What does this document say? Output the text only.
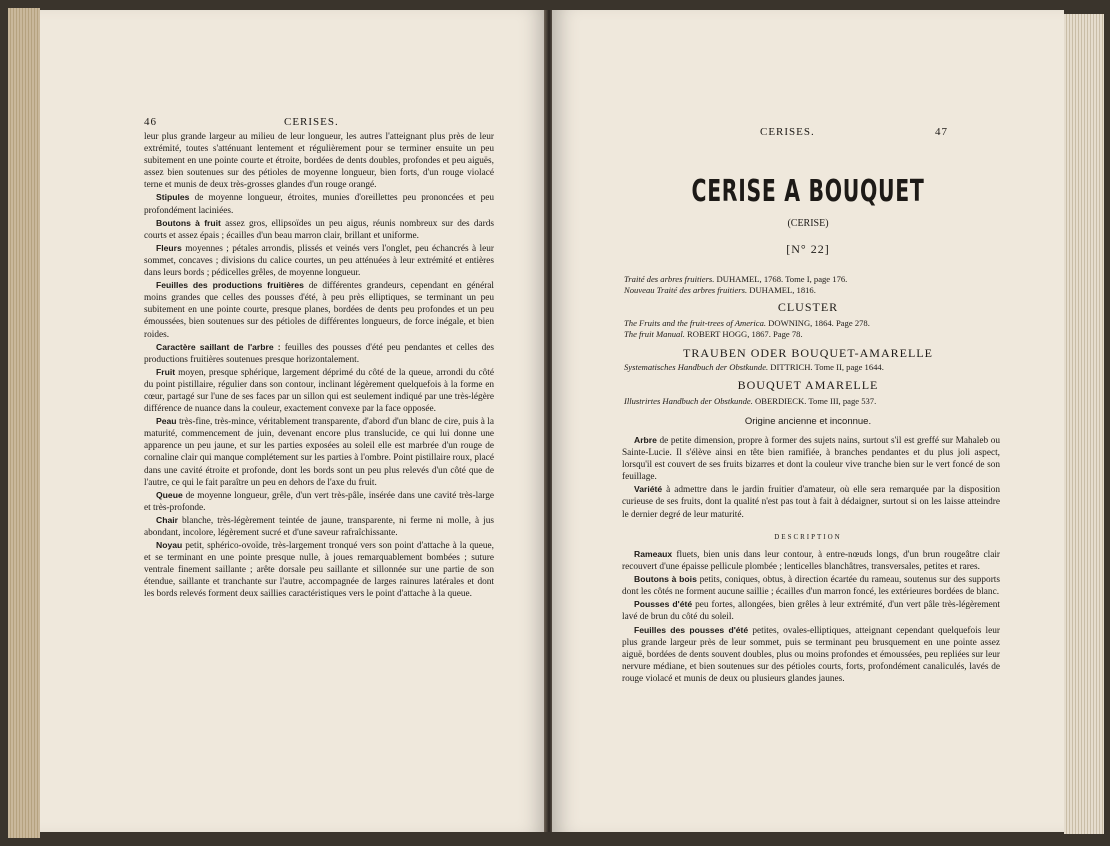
46	CERISES.

leur plus grande largeur au milieu de leur longueur, les autres l'atteignant plus près de leur extrémité, toutes s'atténuant lentement et régulièrement pour se terminer ensuite un peu subitement en une pointe courte et étroite, bordées de dents doubles, profondes et peu aiguës, assez bien soutenues sur des pétioles de moyenne longueur, bien forts, d'un rouge violacé terne et munis de deux très-grosses glandes d'un rouge orangé.

Stipules de moyenne longueur, étroites, munies d'oreillettes peu prononcées et peu profondément laciniées.

Boutons à fruit assez gros, ellipsoïdes un peu aigus, réunis nombreux sur des dards courts et assez épais ; écailles d'un beau marron clair, brillant et uniforme.

Fleurs moyennes ; pétales arrondis, plissés et veinés vers l'onglet, peu échancrés à leur sommet, concaves ; divisions du calice courtes, un peu atténuées à leur extrémité et entières dans leurs bords ; pédicelles grêles, de moyenne longueur.

Feuilles des productions fruitières de différentes grandeurs, cependant en général moins grandes que celles des pousses d'été, à peu près elliptiques, se terminant un peu subitement en une pointe courte, presque planes, bordées de dents peu profondes et un peu émoussées, bien soutenues sur des pétioles de différentes longueurs, de force inégale, et bien roides.

Caractère saillant de l'arbre : feuilles des pousses d'été peu pendantes et celles des productions fruitières soutenues presque horizontalement.

Fruit moyen, presque sphérique, largement déprimé du côté de la queue, arrondi du côté du point pistillaire, régulier dans son contour, inclinant légèrement quelquefois à la forme en cœur, partagé sur l'une de ses faces par un sillon qui est seulement indiqué par une très-légère différence de nuance dans la couleur, exactement convexe par la face opposée.

Peau très-fine, très-mince, véritablement transparente, d'abord d'un blanc de cire, puis à la maturité, commencement de juin, devenant encore plus translucide, ce qui lui donne une apparence un peu jaune, et sur les parties exposées au soleil elle est marbrée d'un rouge de cornaline clair qui manque complétement sur les parties à l'ombre. Point pistillaire roux, placé dans une cavité étroite et profonde, dont les bords sont un peu plus relevés d'un côté que de l'autre, ce qui le fait paraître un peu en dehors de l'axe du fruit.

Queue de moyenne longueur, grêle, d'un vert très-pâle, insérée dans une cavité très-large et très-profonde.

Chair blanche, très-légèrement teintée de jaune, transparente, ni ferme ni molle, à jus abondant, incolore, légèrement sucré et d'une saveur rafraîchissante.

Noyau petit, sphérico-ovoïde, très-largement tronqué vers son point d'attache à la queue, et se terminant en une pointe presque nulle, à joues remarquablement bombées ; suture ventrale finement saillante ; arête dorsale peu saillante et sillonnée sur une partie de son étendue, saillante et tranchante sur l'autre, accompagnée de larges rainures latérales et dont les bords relevés forment deux saillies caractéristiques vers le point d'attache à la queue.

CERISES.	47
CERISE A BOUQUET
(CERISE)
[N° 22]
Traité des arbres fruitiers. DUHAMEL, 1768. Tome I, page 176.
Nouveau Traité des arbres fruitiers. DUHAMEL, 1816.
CLUSTER
The Fruits and the fruit-trees of America. DOWNING, 1864. Page 278.
The fruit Manual. ROBERT HOGG, 1867. Page 78.
TRAUBEN ODER BOUQUET-AMARELLE
Systematisches Handbuch der Obstkunde. DITTRICH. Tome II, page 1644.
BOUQUET AMARELLE
Illustrirtes Handbuch der Obstkunde. OBERDIECK. Tome III, page 537.
Origine ancienne et inconnue.

Arbre de petite dimension, propre à former des sujets nains, surtout s'il est greffé sur Mahaleb ou Sainte-Lucie. Il s'élève ainsi en tête bien ramifiée, à branches pendantes et du plus joli aspect, lorsqu'il est couvert de ses fruits bizarres et dont la couleur vive tranche bien sur le vert foncé de son feuillage.

Variété à admettre dans le jardin fruitier d'amateur, où elle sera remarquée par la disposition curieuse de ses fruits, dont la qualité n'est pas tout à fait à dédaigner, surtout si on les laisse atteindre le dernier degré de leur maturité.

DESCRIPTION

Rameaux fluets, bien unis dans leur contour, à entre-nœuds longs, d'un brun rougeâtre clair recouvert d'une épaisse pellicule plombée ; lenticelles blanchâtres, transversales, petites et rares.

Boutons à bois petits, coniques, obtus, à direction écartée du rameau, soutenus sur des supports dont les côtés ne forment aucune saillie ; écailles d'un marron foncé, les extérieures bordées de blanc.

Pousses d'été peu fortes, allongées, bien grêles à leur extrémité, d'un vert pâle très-légèrement lavé de brun du côté du soleil.

Feuilles des pousses d'été petites, ovales-elliptiques, atteignant cependant quelquefois leur plus grande largeur près de leur sommet, puis se terminant peu brusquement en une pointe assez aiguë, bordées de dents souvent doubles, plus ou moins profondes et émoussées, peu repliées sur leur nervure médiane, et bien soutenues sur des pétioles courts, forts, profondément canaliculés, lavés de rouge violacé et munis de deux ou plusieurs glandes jaunes.
